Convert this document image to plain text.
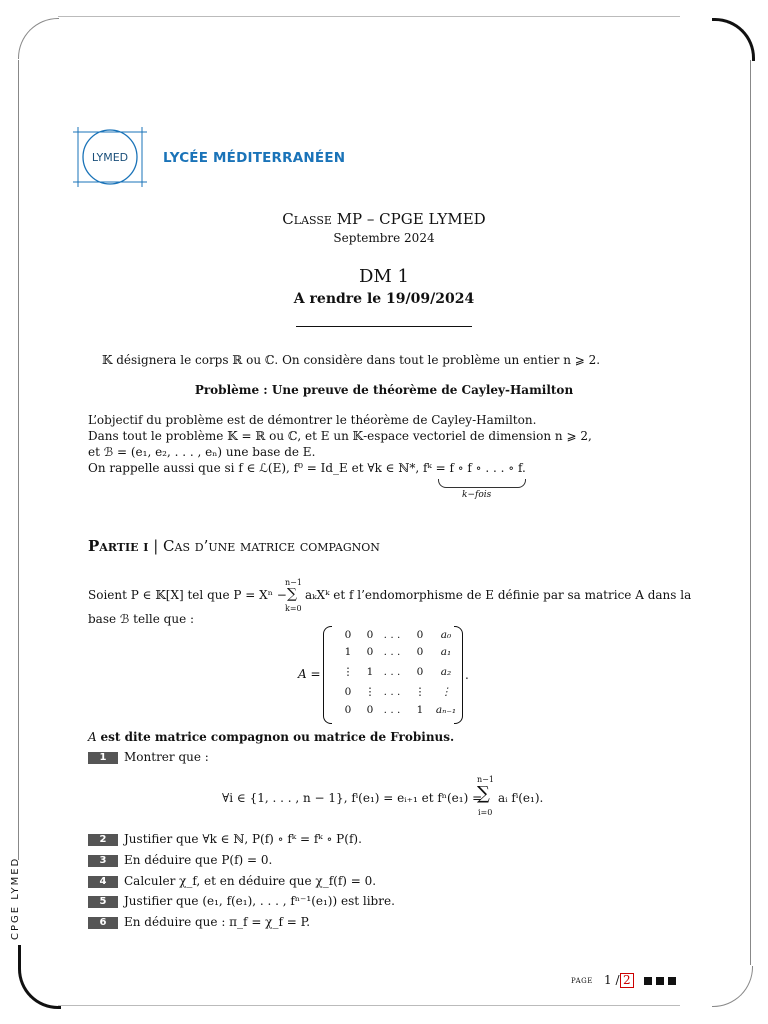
CPGE LYMED
LYMED	LYCÉE MÉDITERRANÉEN
Classe MP – CPGE LYMED
Septembre 2024
DM 1
A rendre le 19/09/2024
𝕂 désignera le corps ℝ ou ℂ. On considère dans tout le problème un entier n ⩾ 2.
Problème : Une preuve de théorème de Cayley-Hamilton
L’objectif du problème est de démontrer le théorème de Cayley-Hamilton.
Dans tout le problème 𝕂 = ℝ ou ℂ, et E un 𝕂-espace vectoriel de dimension n ⩾ 2,
et ℬ = (e₁, e₂, . . . , eₙ) une base de E.
On rappelle aussi que si f ∈ ℒ(E), f⁰ = Id_E et ∀k ∈ ℕ*, fᵏ = f ∘ f ∘ . . . ∘ f.
k−fois
Partie i | Cas d’une matrice compagnon
Soient P ∈ 𝕂[X] tel que P = Xⁿ −
n−1
∑
k=0
aₖXᵏ et f l’endomorphisme de E définie par sa matrice A dans la
base ℬ telle que :
A =
0	0 . . .	0	a₀
1	0 . . .	0	a₁
⋮	1 . . .	0	a₂
0	⋮ . . .	⋮	⋮
0	0 . . .	1	aₙ₋₁
.
A est dite matrice compagnon ou matrice de Frobinus.
1	Montrer que :
∀i ∈ {1, . . . , n − 1}, fⁱ(e₁) = eᵢ₊₁ et fⁿ(e₁) =
n−1
∑
i=0
aᵢ fⁱ(e₁).
2	Justifier que ∀k ∈ ℕ, P(f) ∘ fᵏ = fᵏ ∘ P(f).
3	En déduire que P(f) = 0.
4	Calculer χ_f, et en déduire que χ_f(f) = 0.
5	Justifier que (e₁, f(e₁), . . . , fⁿ⁻¹(e₁)) est libre.
6	En déduire que : π_f = χ_f = P.
page 1 / 2
